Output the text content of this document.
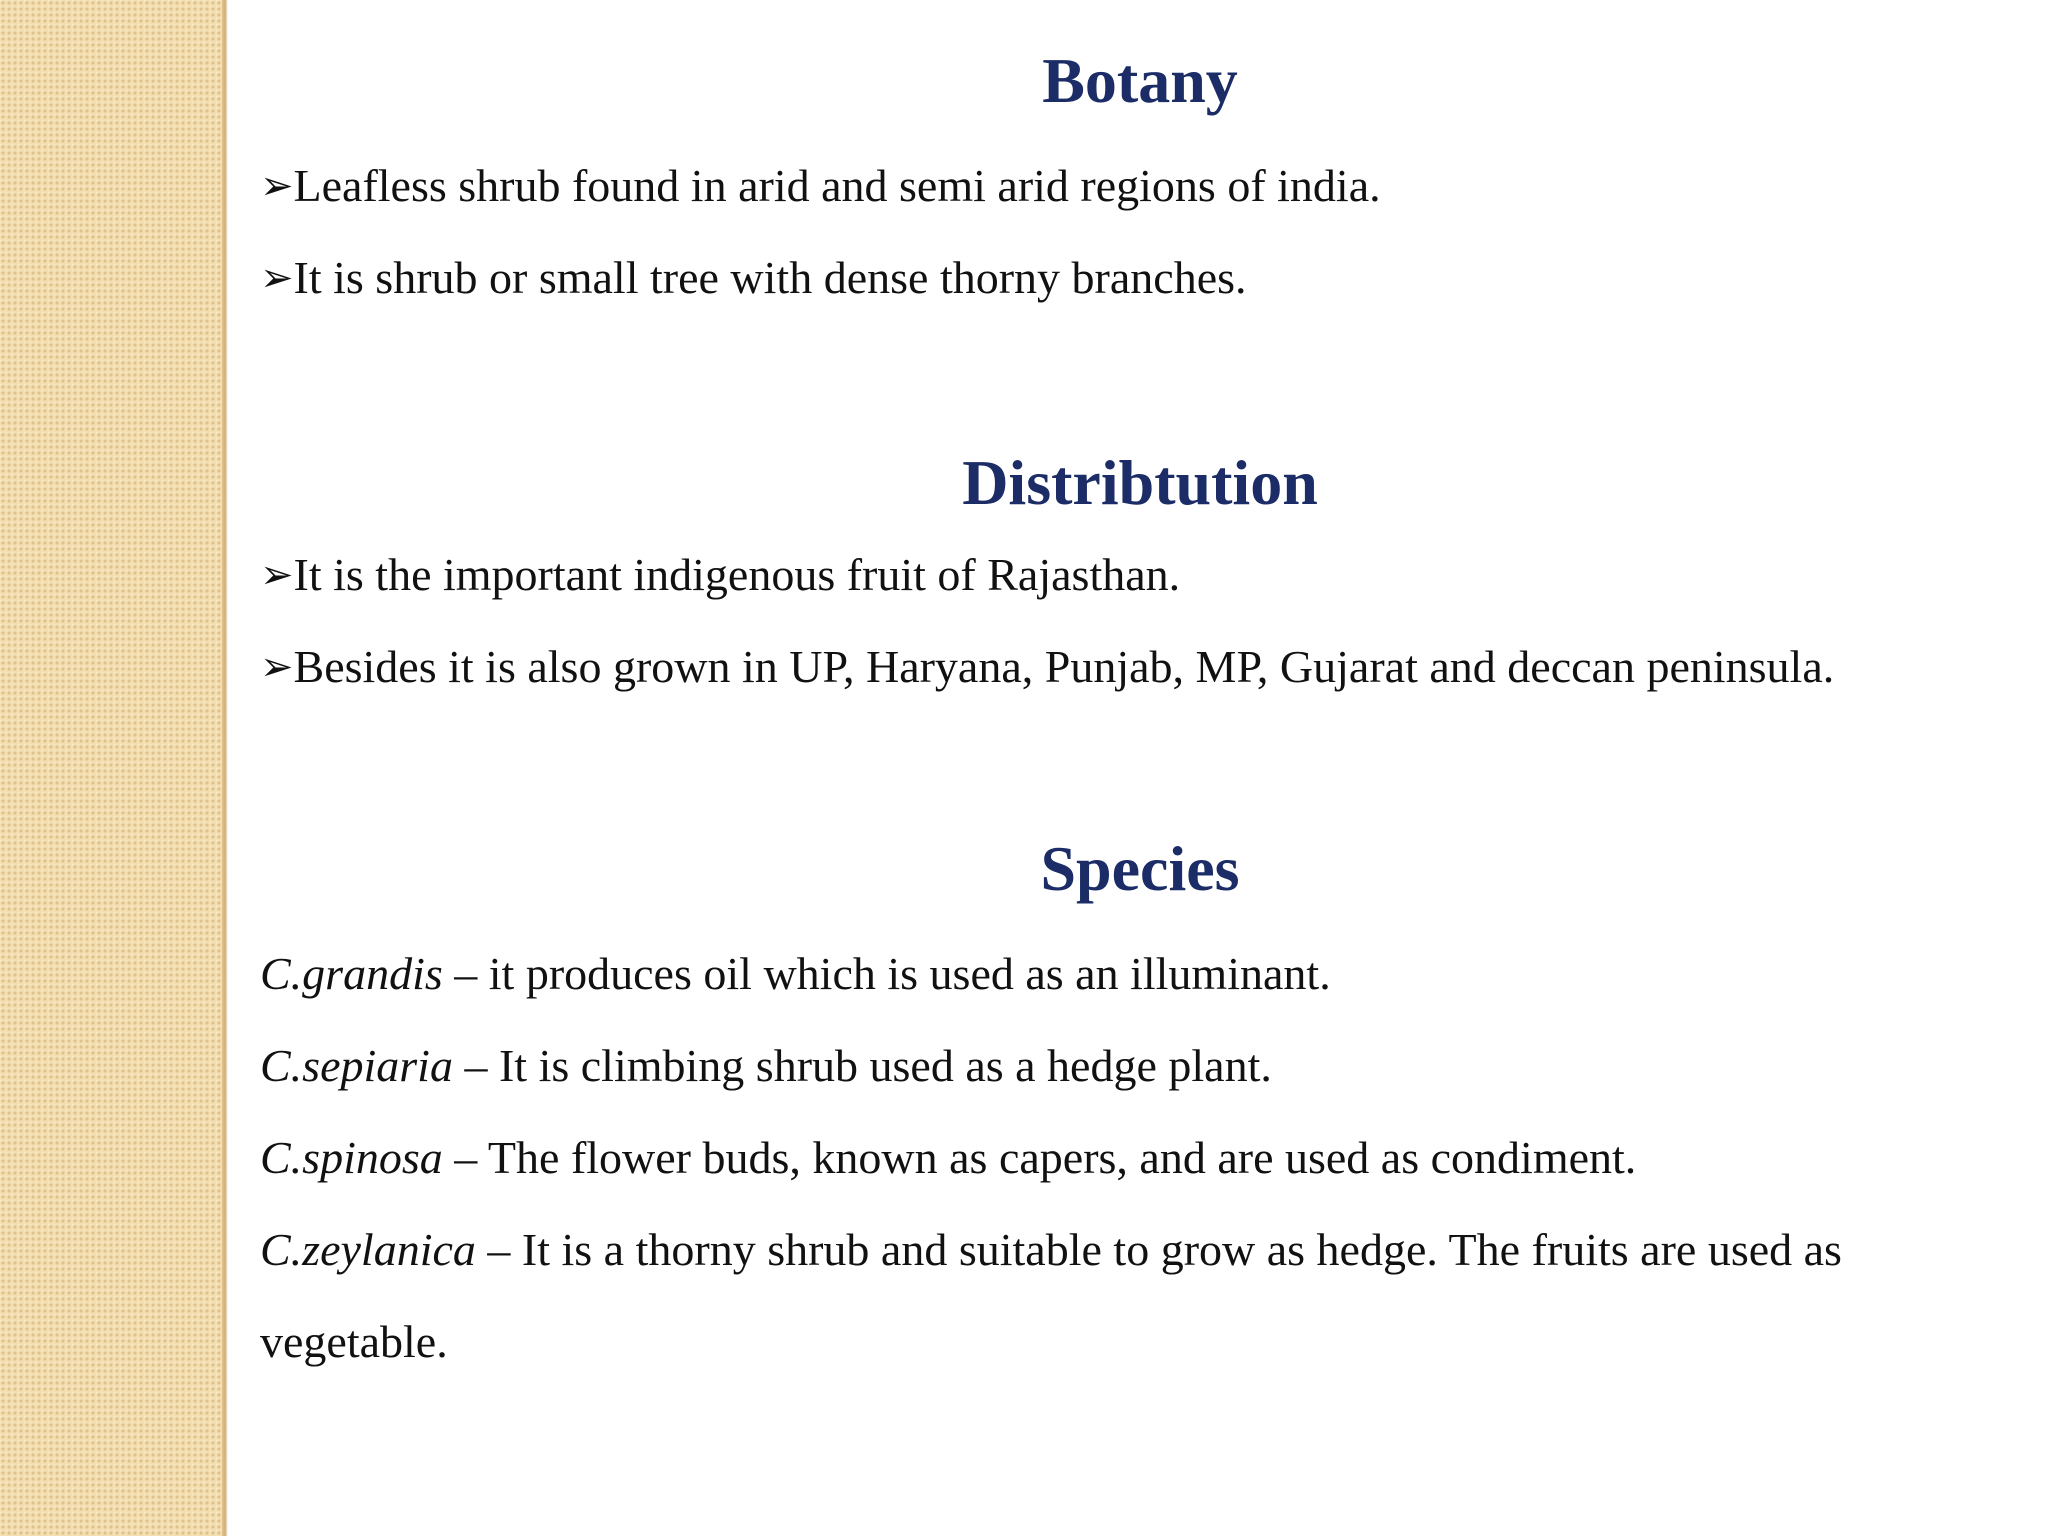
Botany

➢Leafless shrub found in arid and semi arid regions of india.

➢It is shrub or small tree with dense thorny branches.

Distribtution

➢It is the important indigenous fruit of Rajasthan.

➢Besides it is also grown in UP, Haryana, Punjab, MP, Gujarat and deccan peninsula.

Species

C.grandis – it produces oil which is used as an illuminant.

C.sepiaria – It is climbing shrub used as a hedge plant.

C.spinosa – The flower buds, known as capers, and are used as condiment.

C.zeylanica – It is a thorny shrub and suitable to grow as hedge. The fruits are used as

vegetable.
